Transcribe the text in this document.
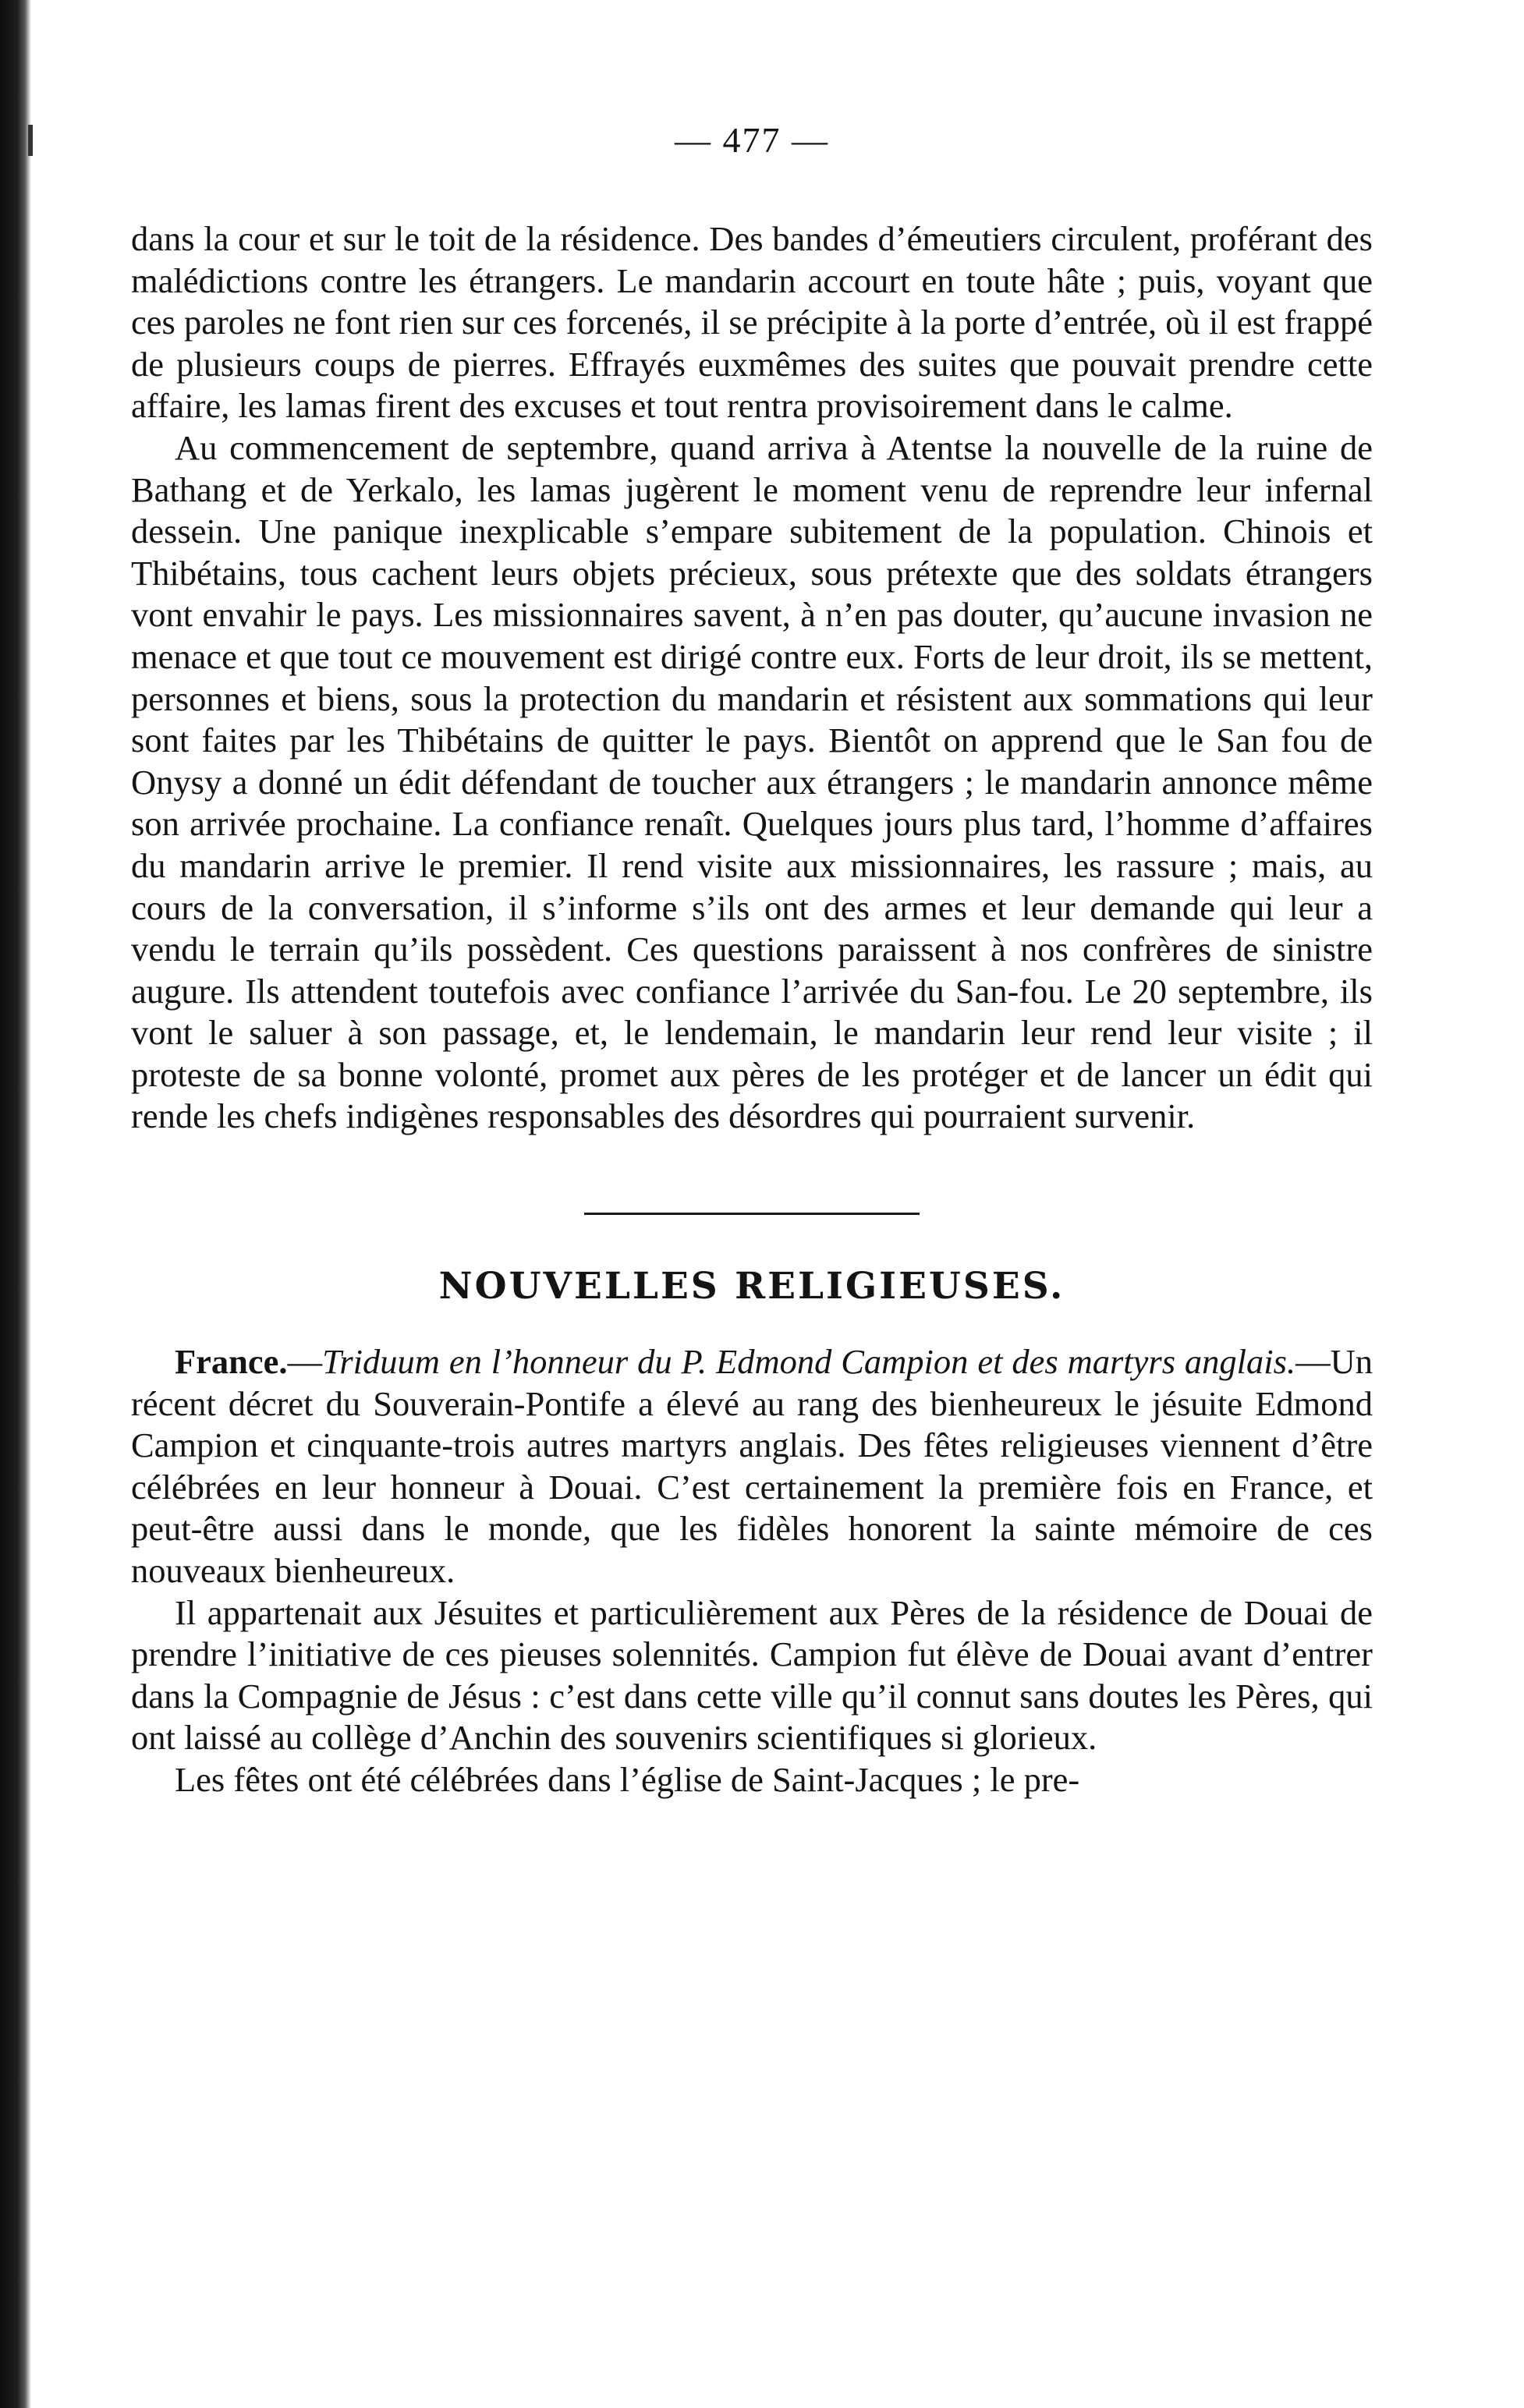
— 477 —

dans la cour et sur le toit de la résidence. Des bandes d’émeutiers circulent, proférant des malédictions contre les étrangers. Le mandarin accourt en toute hâte ; puis, voyant que ces paroles ne font rien sur ces forcenés, il se précipite à la porte d’entrée, où il est frappé de plusieurs coups de pierres. Effrayés euxmêmes des suites que pouvait prendre cette affaire, les lamas firent des excuses et tout rentra provisoirement dans le calme.

Au commencement de septembre, quand arriva à Atentse la nouvelle de la ruine de Bathang et de Yerkalo, les lamas jugèrent le moment venu de reprendre leur infernal dessein. Une panique inexplicable s’empare subitement de la population. Chinois et Thibétains, tous cachent leurs objets précieux, sous prétexte que des soldats étrangers vont envahir le pays. Les missionnaires savent, à n’en pas douter, qu’aucune invasion ne menace et que tout ce mouvement est dirigé contre eux. Forts de leur droit, ils se mettent, personnes et biens, sous la protection du mandarin et résistent aux sommations qui leur sont faites par les Thibétains de quitter le pays. Bientôt on apprend que le San fou de Onysy a donné un édit défendant de toucher aux étrangers ; le mandarin annonce même son arrivée prochaine. La confiance renaît. Quelques jours plus tard, l’homme d’affaires du mandarin arrive le premier. Il rend visite aux missionnaires, les rassure ; mais, au cours de la conversation, il s’informe s’ils ont des armes et leur demande qui leur a vendu le terrain qu’ils possèdent. Ces questions paraissent à nos confrères de sinistre augure. Ils attendent toutefois avec confiance l’arrivée du San-fou. Le 20 septembre, ils vont le saluer à son passage, et, le lendemain, le mandarin leur rend leur visite ; il proteste de sa bonne volonté, promet aux pères de les protéger et de lancer un édit qui rende les chefs indigènes responsables des désordres qui pourraient survenir.

NOUVELLES RELIGIEUSES.

France.—Triduum en l’honneur du P. Edmond Campion et des martyrs anglais.—Un récent décret du Souverain-Pontife a élevé au rang des bienheureux le jésuite Edmond Campion et cinquante-trois autres martyrs anglais. Des fêtes religieuses viennent d’être célébrées en leur honneur à Douai. C’est certainement la première fois en France, et peut-être aussi dans le monde, que les fidèles honorent la sainte mémoire de ces nouveaux bienheureux.

Il appartenait aux Jésuites et particulièrement aux Pères de la résidence de Douai de prendre l’initiative de ces pieuses solennités. Campion fut élève de Douai avant d’entrer dans la Compagnie de Jésus : c’est dans cette ville qu’il connut sans doutes les Pères, qui ont laissé au collège d’Anchin des souvenirs scientifiques si glorieux.

Les fêtes ont été célébrées dans l’église de Saint-Jacques ; le pre-
